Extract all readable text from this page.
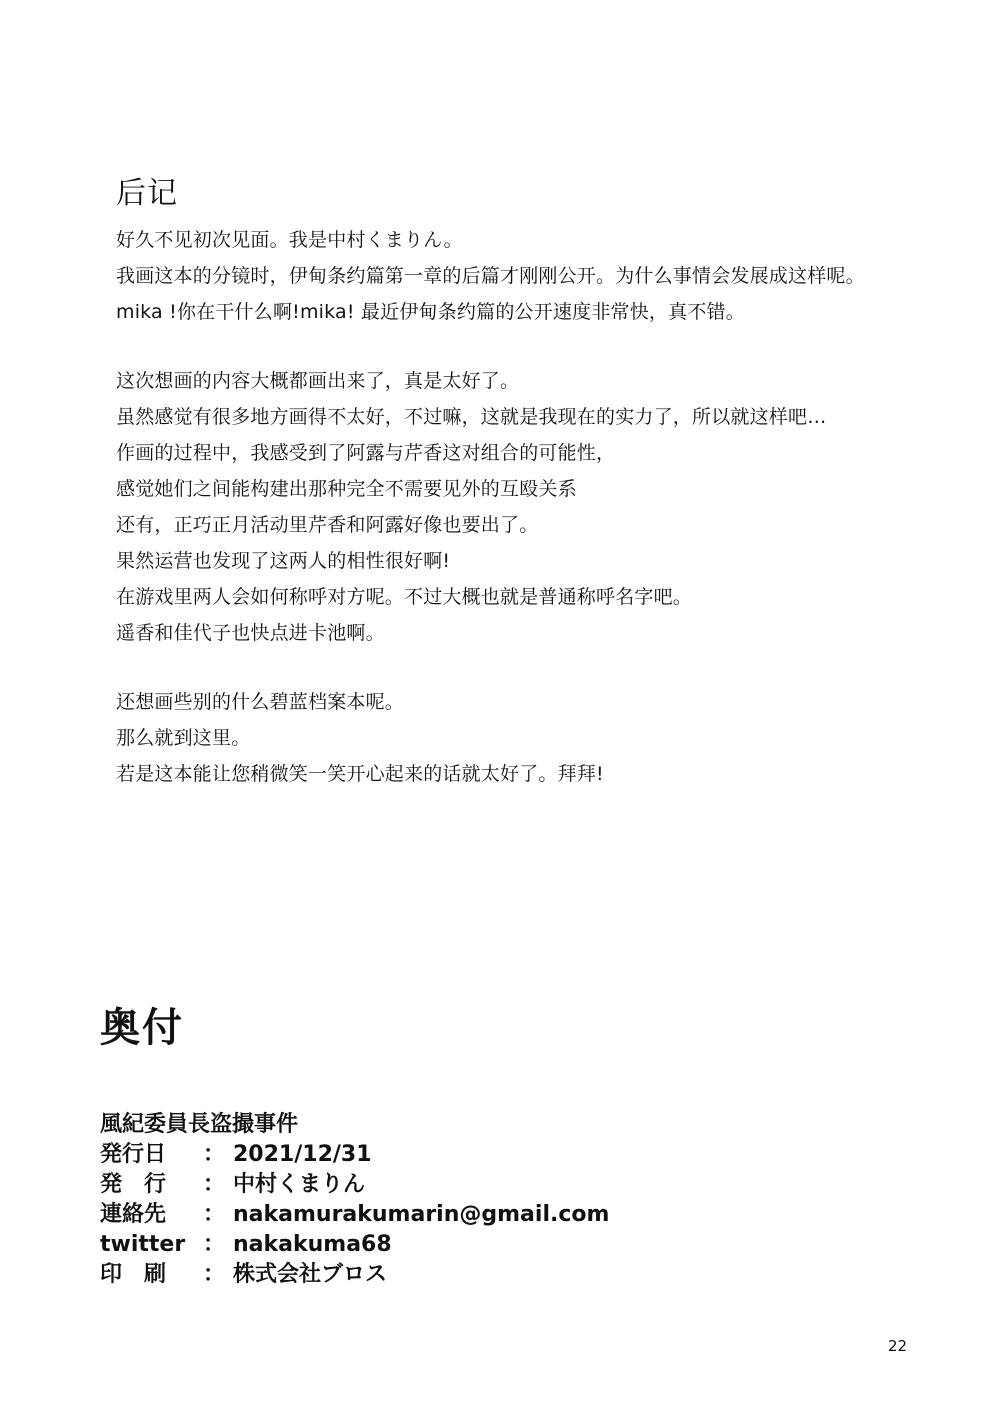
后记
好久不见初次见面。我是中村くまりん。
我画这本的分镜时，伊甸条约篇第一章的后篇才刚刚公开。为什么事情会发展成这样呢。
mika !你在干什么啊!mika! 最近伊甸条约篇的公开速度非常快，真不错。
这次想画的内容大概都画出来了，真是太好了。
虽然感觉有很多地方画得不太好，不过嘛，这就是我现在的实力了，所以就这样吧…
作画的过程中，我感受到了阿露与芹香这对组合的可能性，
感觉她们之间能构建出那种完全不需要见外的互殴关系
还有，正巧正月活动里芹香和阿露好像也要出了。
果然运营也发现了这两人的相性很好啊!
在游戏里两人会如何称呼对方呢。不过大概也就是普通称呼名字吧。
遥香和佳代子也快点进卡池啊。
还想画些别的什么碧蓝档案本呢。
那么就到这里。
若是这本能让您稍微笑一笑开心起来的话就太好了。拜拜!
奥付
風紀委員長盗撮事件
発行日	： 2021/12/31
発　行	： 中村くまりん
連絡先	： nakamurakumarin@gmail.com
twitter ： nakakuma68
印　刷	： 株式会社ブロス
22
